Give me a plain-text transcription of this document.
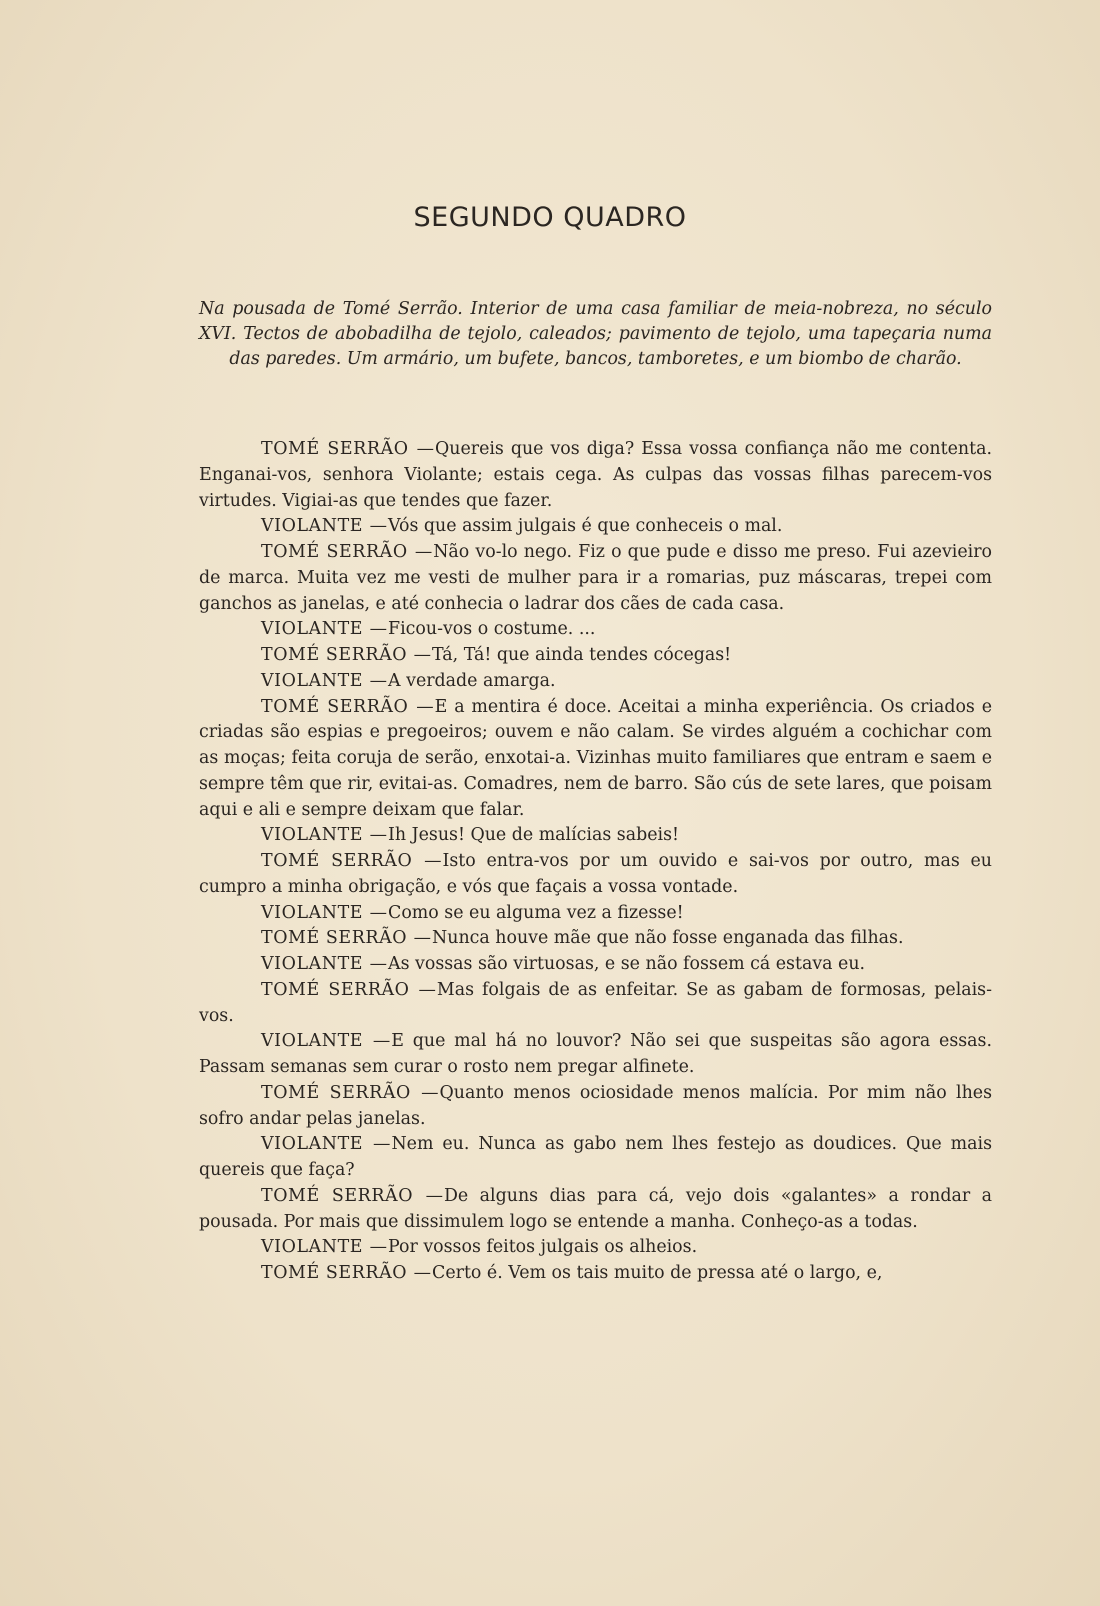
SEGUNDO QUADRO
Na pousada de Tomé Serrão. Interior de uma casa familiar de meia-nobreza, no século XVI. Tectos de abobadilha de tejolo, caleados; pavimento de tejolo, uma tapeçaria numa das paredes. Um armário, um bufete, bancos, tamboretes, e um biombo de charão.

TOMÉ SERRÃO —Quereis que vos diga? Essa vossa confiança não me contenta. Enganai-vos, senhora Violante; estais cega. As culpas das vossas filhas parecem-vos virtudes. Vigiai-as que tendes que fazer.

VIOLANTE —Vós que assim julgais é que conheceis o mal.

TOMÉ SERRÃO —Não vo-lo nego. Fiz o que pude e disso me preso. Fui azevieiro de marca. Muita vez me vesti de mulher para ir a romarias, puz máscaras, trepei com ganchos as janelas, e até conhecia o ladrar dos cães de cada casa.

VIOLANTE —Ficou-vos o costume. ...

TOMÉ SERRÃO —Tá, Tá! que ainda tendes cócegas!

VIOLANTE —A verdade amarga.

TOMÉ SERRÃO —E a mentira é doce. Aceitai a minha experiência. Os criados e criadas são espias e pregoeiros; ouvem e não calam. Se virdes alguém a cochichar com as moças; feita coruja de serão, enxotai-a. Vizinhas muito familiares que entram e saem e sempre têm que rir, evitai-as. Comadres, nem de barro. São cús de sete lares, que poisam aqui e ali e sempre deixam que falar.

VIOLANTE —Ih Jesus! Que de malícias sabeis!

TOMÉ SERRÃO —Isto entra-vos por um ouvido e sai-vos por outro, mas eu cumpro a minha obrigação, e vós que façais a vossa vontade.

VIOLANTE —Como se eu alguma vez a fizesse!

TOMÉ SERRÃO —Nunca houve mãe que não fosse enganada das filhas.

VIOLANTE —As vossas são virtuosas, e se não fossem cá estava eu.

TOMÉ SERRÃO —Mas folgais de as enfeitar. Se as gabam de formosas, pelais-vos.

VIOLANTE —E que mal há no louvor? Não sei que suspeitas são agora essas. Passam semanas sem curar o rosto nem pregar alfinete.

TOMÉ SERRÃO —Quanto menos ociosidade menos malícia. Por mim não lhes sofro andar pelas janelas.

VIOLANTE —Nem eu. Nunca as gabo nem lhes festejo as doudices. Que mais quereis que faça?

TOMÉ SERRÃO —De alguns dias para cá, vejo dois «galantes» a rondar a pousada. Por mais que dissimulem logo se entende a manha. Conheço-as a todas.

VIOLANTE —Por vossos feitos julgais os alheios.

TOMÉ SERRÃO —Certo é. Vem os tais muito de pressa até o largo, e,
